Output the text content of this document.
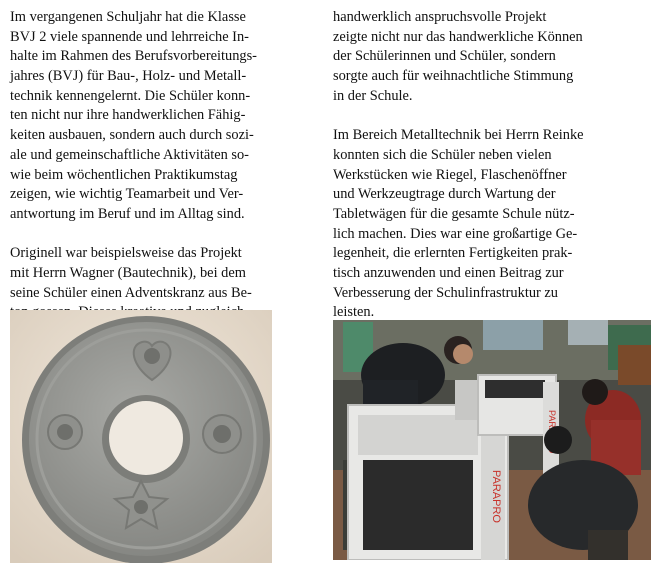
Im vergangenen Schuljahr hat die Klasse
BVJ 2 viele spannende und lehrreiche In-
halte im Rahmen des Berufsvorbereitungs-
jahres (BVJ) für Bau-, Holz- und Metall-
technik kennengelernt. Die Schüler konn-
ten nicht nur ihre handwerklichen Fähig-
keiten ausbauen, sondern auch durch sozi-
ale und gemeinschaftliche Aktivitäten so-
wie beim wöchentlichen Praktikumstag
zeigen, wie wichtig Teamarbeit und Ver-
antwortung im Beruf und im Alltag sind.
Originell war beispielsweise das Projekt
mit Herrn Wagner (Bautechnik), bei dem
seine Schüler einen Adventskranz aus Be-
handwerklich anspruchsvolle Projekt
zeigte nicht nur das handwerkliche Können
der Schülerinnen und Schüler, sondern
sorgte auch für weihnachtliche Stimmung
in der Schule.
Im Bereich Metalltechnik bei Herrn Reinke
konnten sich die Schüler neben vielen
Werkstücken wie Riegel, Flaschenöffner
und Werkzeugtrage durch Wartung der
Tabletwägen für die gesamte Schule nütz-
lich machen. Dies war eine großartige Ge-
legenheit, die erlernten Fertigkeiten prak-
tisch anzuwenden und einen Beitrag zur
Verbesserung der Schulinfrastruktur zu
leisten.
PARAPRO
